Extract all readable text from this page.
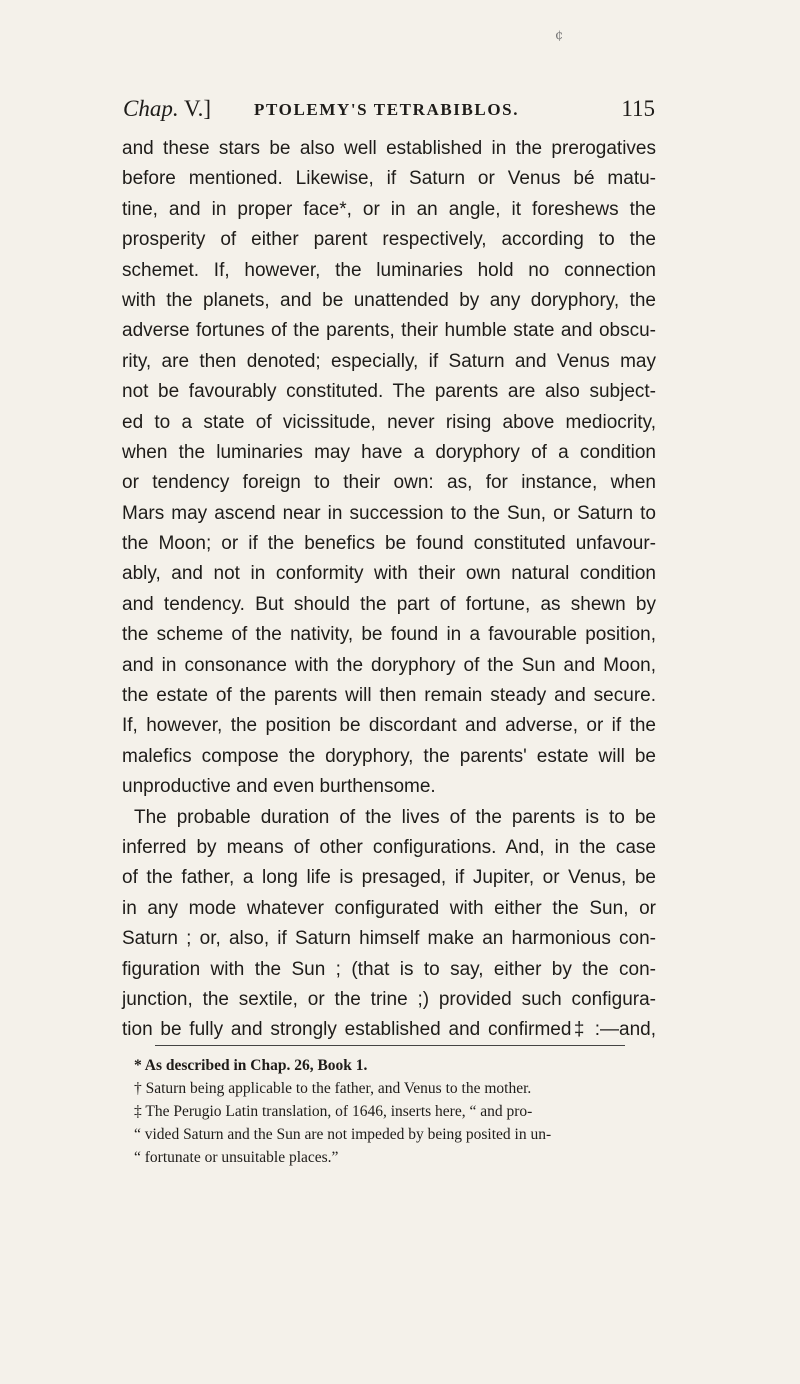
¢
Chap. V.]	PTOLEMY'S TETRABIBLOS.	115
and these stars be also well established in the prerogatives
before mentioned. Likewise, if Saturn or Venus bé matu-
tine, and in proper face*, or in an angle, it foreshews the
prosperity of either parent respectively, according to the
schemet. If, however, the luminaries hold no connection
with the planets, and be unattended by any doryphory, the
adverse fortunes of the parents, their humble state and obscu-
rity, are then denoted; especially, if Saturn and Venus may
not be favourably constituted. The parents are also subject-
ed to a state of vicissitude, never rising above mediocrity,
when the luminaries may have a doryphory of a condition
or tendency foreign to their own: as, for instance, when
Mars may ascend near in succession to the Sun, or Saturn to
the Moon; or if the benefics be found constituted unfavour-
ably, and not in conformity with their own natural condition
and tendency. But should the part of fortune, as shewn by
the scheme of the nativity, be found in a favourable position,
and in consonance with the doryphory of the Sun and Moon,
the estate of the parents will then remain steady and secure.
If, however, the position be discordant and adverse, or if the
malefics compose the doryphory, the parents' estate will be
unproductive and even burthensome.
The probable duration of the lives of the parents is to be
inferred by means of other configurations. And, in the case
of the father, a long life is presaged, if Jupiter, or Venus, be
in any mode whatever configurated with either the Sun, or
Saturn ; or, also, if Saturn himself make an harmonious con-
figuration with the Sun ; (that is to say, either by the con-
junction, the sextile, or the trine ;) provided such configura-
tion be fully and strongly established and confirmed‡ :—and,
* As described in Chap. 26, Book 1.
† Saturn being applicable to the father, and Venus to the mother.
‡ The Perugio Latin translation, of 1646, inserts here, “ and pro-
“ vided Saturn and the Sun are not impeded by being posited in un-
“ fortunate or unsuitable places.”
